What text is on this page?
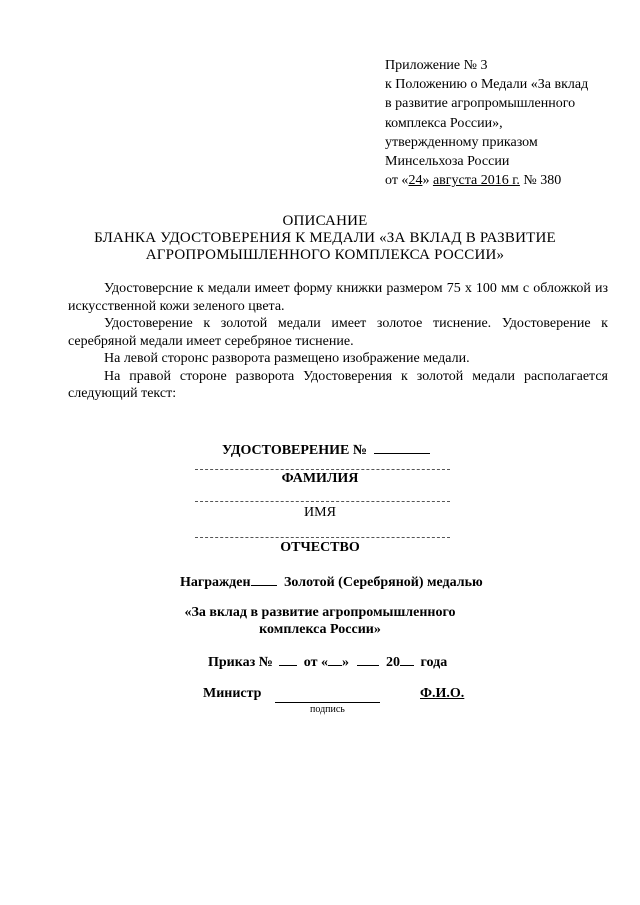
Приложение № 3
к Положению о Медали «За вклад
в развитие агропромышленного
комплекса России»,
утвержденному приказом
Минсельхоза России
от «24» августа 2016 г. № 380
ОПИСАНИЕ
БЛАНКА УДОСТОВЕРЕНИЯ К МЕДАЛИ «ЗА ВКЛАД В РАЗВИТИЕ
АГРОПРОМЫШЛЕННОГО КОМПЛЕКСА РОССИИ»
Удостоверсние к медали имеет форму книжки размером 75 х 100 мм с обложкой из
искусственной кожи зеленого цвета.
Удостоверение к золотой медали имеет золотое тиснение. Удостоверение к
серебряной медали имеет серебряное тиснение.
На левой сторонс разворота размещено изображение медали.
На правой стороне разворота Удостоверения к золотой медали располагается
следующий текст:
УДОСТОВЕРЕНИЕ №
ФАМИЛИЯ
ИМЯ
ОТЧЕСТВО
Награжден Золотой (Серебряной) медалью
«За вклад в развитие агропромышленного
комплекса России»
Приказ № от « »	20 года
Министр
подпись
Ф.И.О.
